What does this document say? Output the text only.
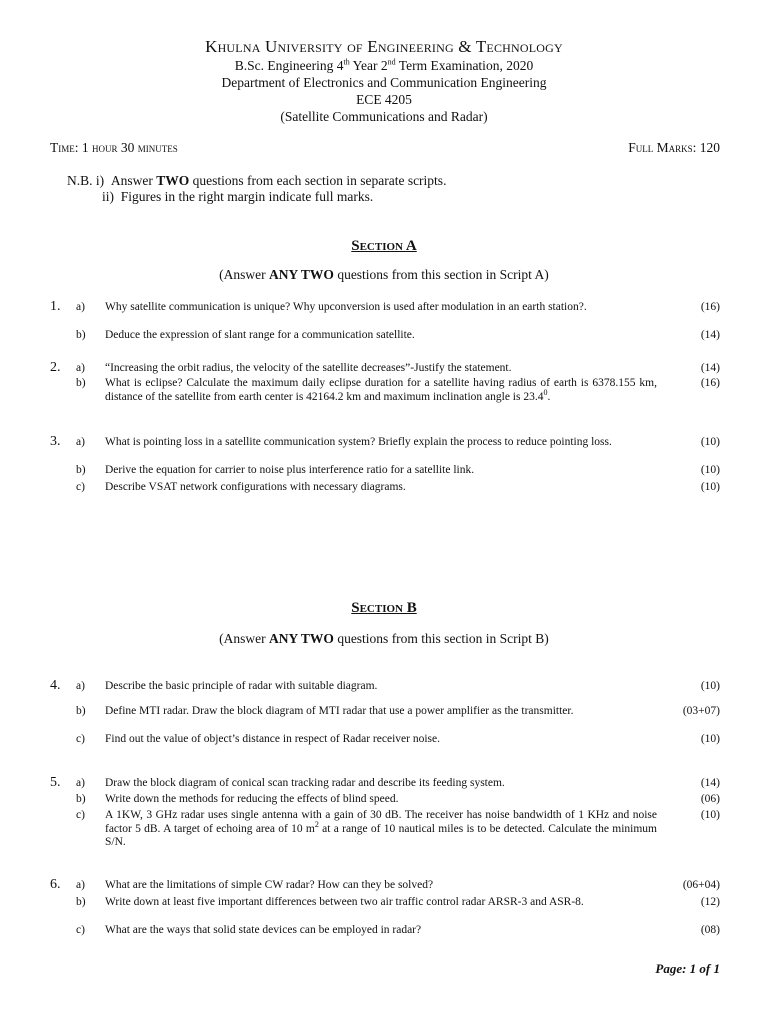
Khulna University of Engineering & Technology
B.Sc. Engineering 4th Year 2nd Term Examination, 2020
Department of Electronics and Communication Engineering
ECE 4205
(Satellite Communications and Radar)
Time: 1 hour 30 minutes	Full Marks: 120
N.B. i) Answer TWO questions from each section in separate scripts.
ii) Figures in the right margin indicate full marks.
Section A
(Answer ANY TWO questions from this section in Script A)
1. a) Why satellite communication is unique? Why upconversion is used after modulation in an earth station?.	(16)
b) Deduce the expression of slant range for a communication satellite.	(14)
2. a) “Increasing the orbit radius, the velocity of the satellite decreases”-Justify the statement.	(14)
b) What is eclipse? Calculate the maximum daily eclipse duration for a satellite having radius of earth is 6378.155 km, distance of the satellite from earth center is 42164.2 km and maximum inclination angle is 23.4$^0$.
(16)
3. a) What is pointing loss in a satellite communication system? Briefly explain the process to reduce pointing loss.	(10)
b) Derive the equation for carrier to noise plus interference ratio for a satellite link.	(10)
c) Describe VSAT network configurations with necessary diagrams.	(10)
Section B
(Answer ANY TWO questions from this section in Script B)
4. a) Describe the basic principle of radar with suitable diagram.	(10)
b) Define MTI radar. Draw the block diagram of MTI radar that use a power amplifier as the transmitter.	(03+07)
c) Find out the value of object’s distance in respect of Radar receiver noise.	(10)
5. a) Draw the block diagram of conical scan tracking radar and describe its feeding system.	(14)
b) Write down the methods for reducing the effects of blind speed.	(06)
c) A 1KW, 3 GHz radar uses single antenna with a gain of 30 dB. The receiver has noise bandwidth of 1 KHz and noise factor 5 dB. A target of echoing area of 10 $m^2$ at a range of 10 nautical miles is to be detected. Calculate the minimum S/N.
(10)
6. a) What are the limitations of simple CW radar? How can they be solved?	(06+04)
b) Write down at least five important differences between two air traffic control radar ARSR-3 and ASR-8.	(12)
c) What are the ways that solid state devices can be employed in radar?	(08)
Page: 1 of 1
